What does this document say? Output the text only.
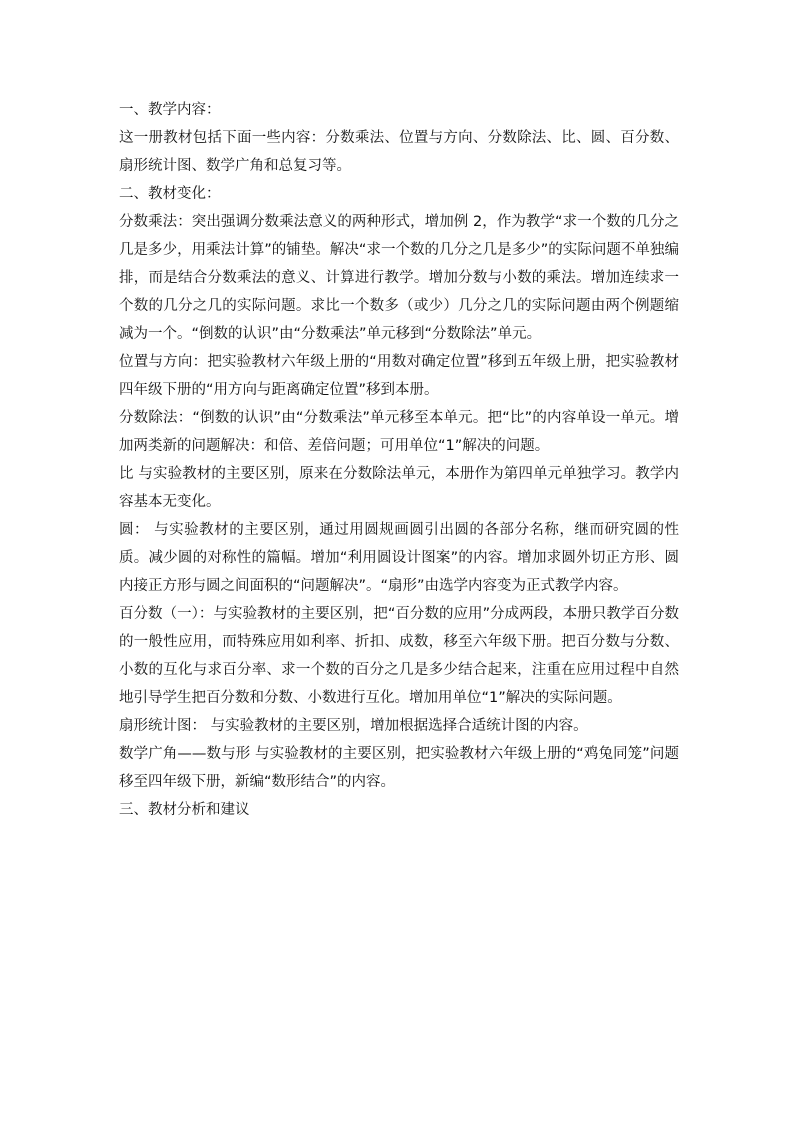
一、教学内容：

这一册教材包括下面一些内容：分数乘法、位置与方向、分数除法、比、圆、百分数、扇形统计图、数学广角和总复习等。

二、教材变化：

分数乘法：突出强调分数乘法意义的两种形式，增加例 2，作为教学“求一个数的几分之几是多少，用乘法计算”的铺垫。解决“求一个数的几分之几是多少”的实际问题不单独编排，而是结合分数乘法的意义、计算进行教学。增加分数与小数的乘法。增加连续求一个数的几分之几的实际问题。求比一个数多（或少）几分之几的实际问题由两个例题缩减为一个。“倒数的认识”由“分数乘法”单元移到“分数除法”单元。

位置与方向：把实验教材六年级上册的“用数对确定位置”移到五年级上册，把实验教材四年级下册的“用方向与距离确定位置”移到本册。

分数除法：“倒数的认识”由“分数乘法”单元移至本单元。把“比”的内容单设一单元。增加两类新的问题解决：和倍、差倍问题；可用单位“1”解决的问题。

比 与实验教材的主要区别，原来在分数除法单元，本册作为第四单元单独学习。教学内容基本无变化。

圆： 与实验教材的主要区别，通过用圆规画圆引出圆的各部分名称，继而研究圆的性质。减少圆的对称性的篇幅。增加“利用圆设计图案”的内容。增加求圆外切正方形、圆内接正方形与圆之间面积的“问题解决”。“扇形”由选学内容变为正式教学内容。

百分数（一）：与实验教材的主要区别，把“百分数的应用”分成两段，本册只教学百分数的一般性应用，而特殊应用如利率、折扣、成数，移至六年级下册。把百分数与分数、小数的互化与求百分率、求一个数的百分之几是多少结合起来，注重在应用过程中自然地引导学生把百分数和分数、小数进行互化。增加用单位“1”解决的实际问题。

扇形统计图： 与实验教材的主要区别，增加根据选择合适统计图的内容。

数学广角——数与形 与实验教材的主要区别，把实验教材六年级上册的“鸡兔同笼”问题移至四年级下册，新编“数形结合”的内容。

三、教材分析和建议
